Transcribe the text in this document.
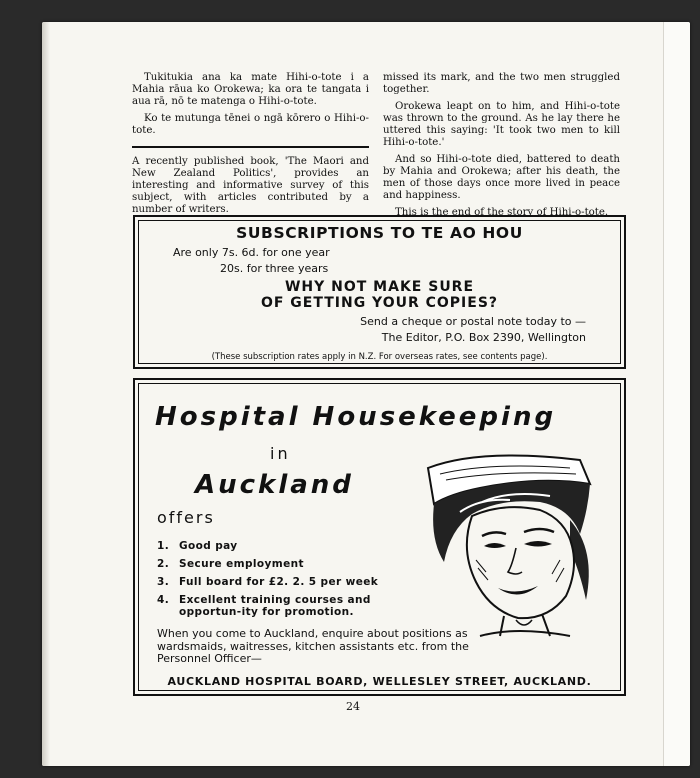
Tukitukia ana ka mate Hihi-o-tote i a Mahia rāua ko Orokewa; ka ora te tangata i aua rā, nō te matenga o Hihi-o-tote.

Ko te mutunga tēnei o ngā kōrero o Hihi-o-tote.

A recently published book, 'The Maori and New Zealand Politics', provides an interesting and informative survey of this subject, with articles contributed by a number of writers.

missed its mark, and the two men struggled together.

Orokewa leapt on to him, and Hihi-o-tote was thrown to the ground. As he lay there he uttered this saying: 'It took two men to kill Hihi-o-tote.'

And so Hihi-o-tote died, battered to death by Mahia and Orokewa; after his death, the men of those days once more lived in peace and happiness.

This is the end of the story of Hihi-o-tote.

SUBSCRIPTIONS TO TE AO HOU
Are only 7s. 6d. for one year
20s. for three years
WHY NOT MAKE SURE
OF GETTING YOUR COPIES?
Send a cheque or postal note today to —
The Editor, P.O. Box 2390, Wellington
(These subscription rates apply in N.Z. For overseas rates, see contents page).
Hospital Housekeeping
in
Auckland
offers
1. Good pay
2. Secure employment
3. Full board for £2. 2. 5 per week
4. Excellent training courses and opportun-ity for promotion.
When you come to Auckland, enquire about positions as wardsmaids, waitresses, kitchen assistants etc. from the Personnel Officer—
AUCKLAND HOSPITAL BOARD, WELLESLEY STREET, AUCKLAND.
24
